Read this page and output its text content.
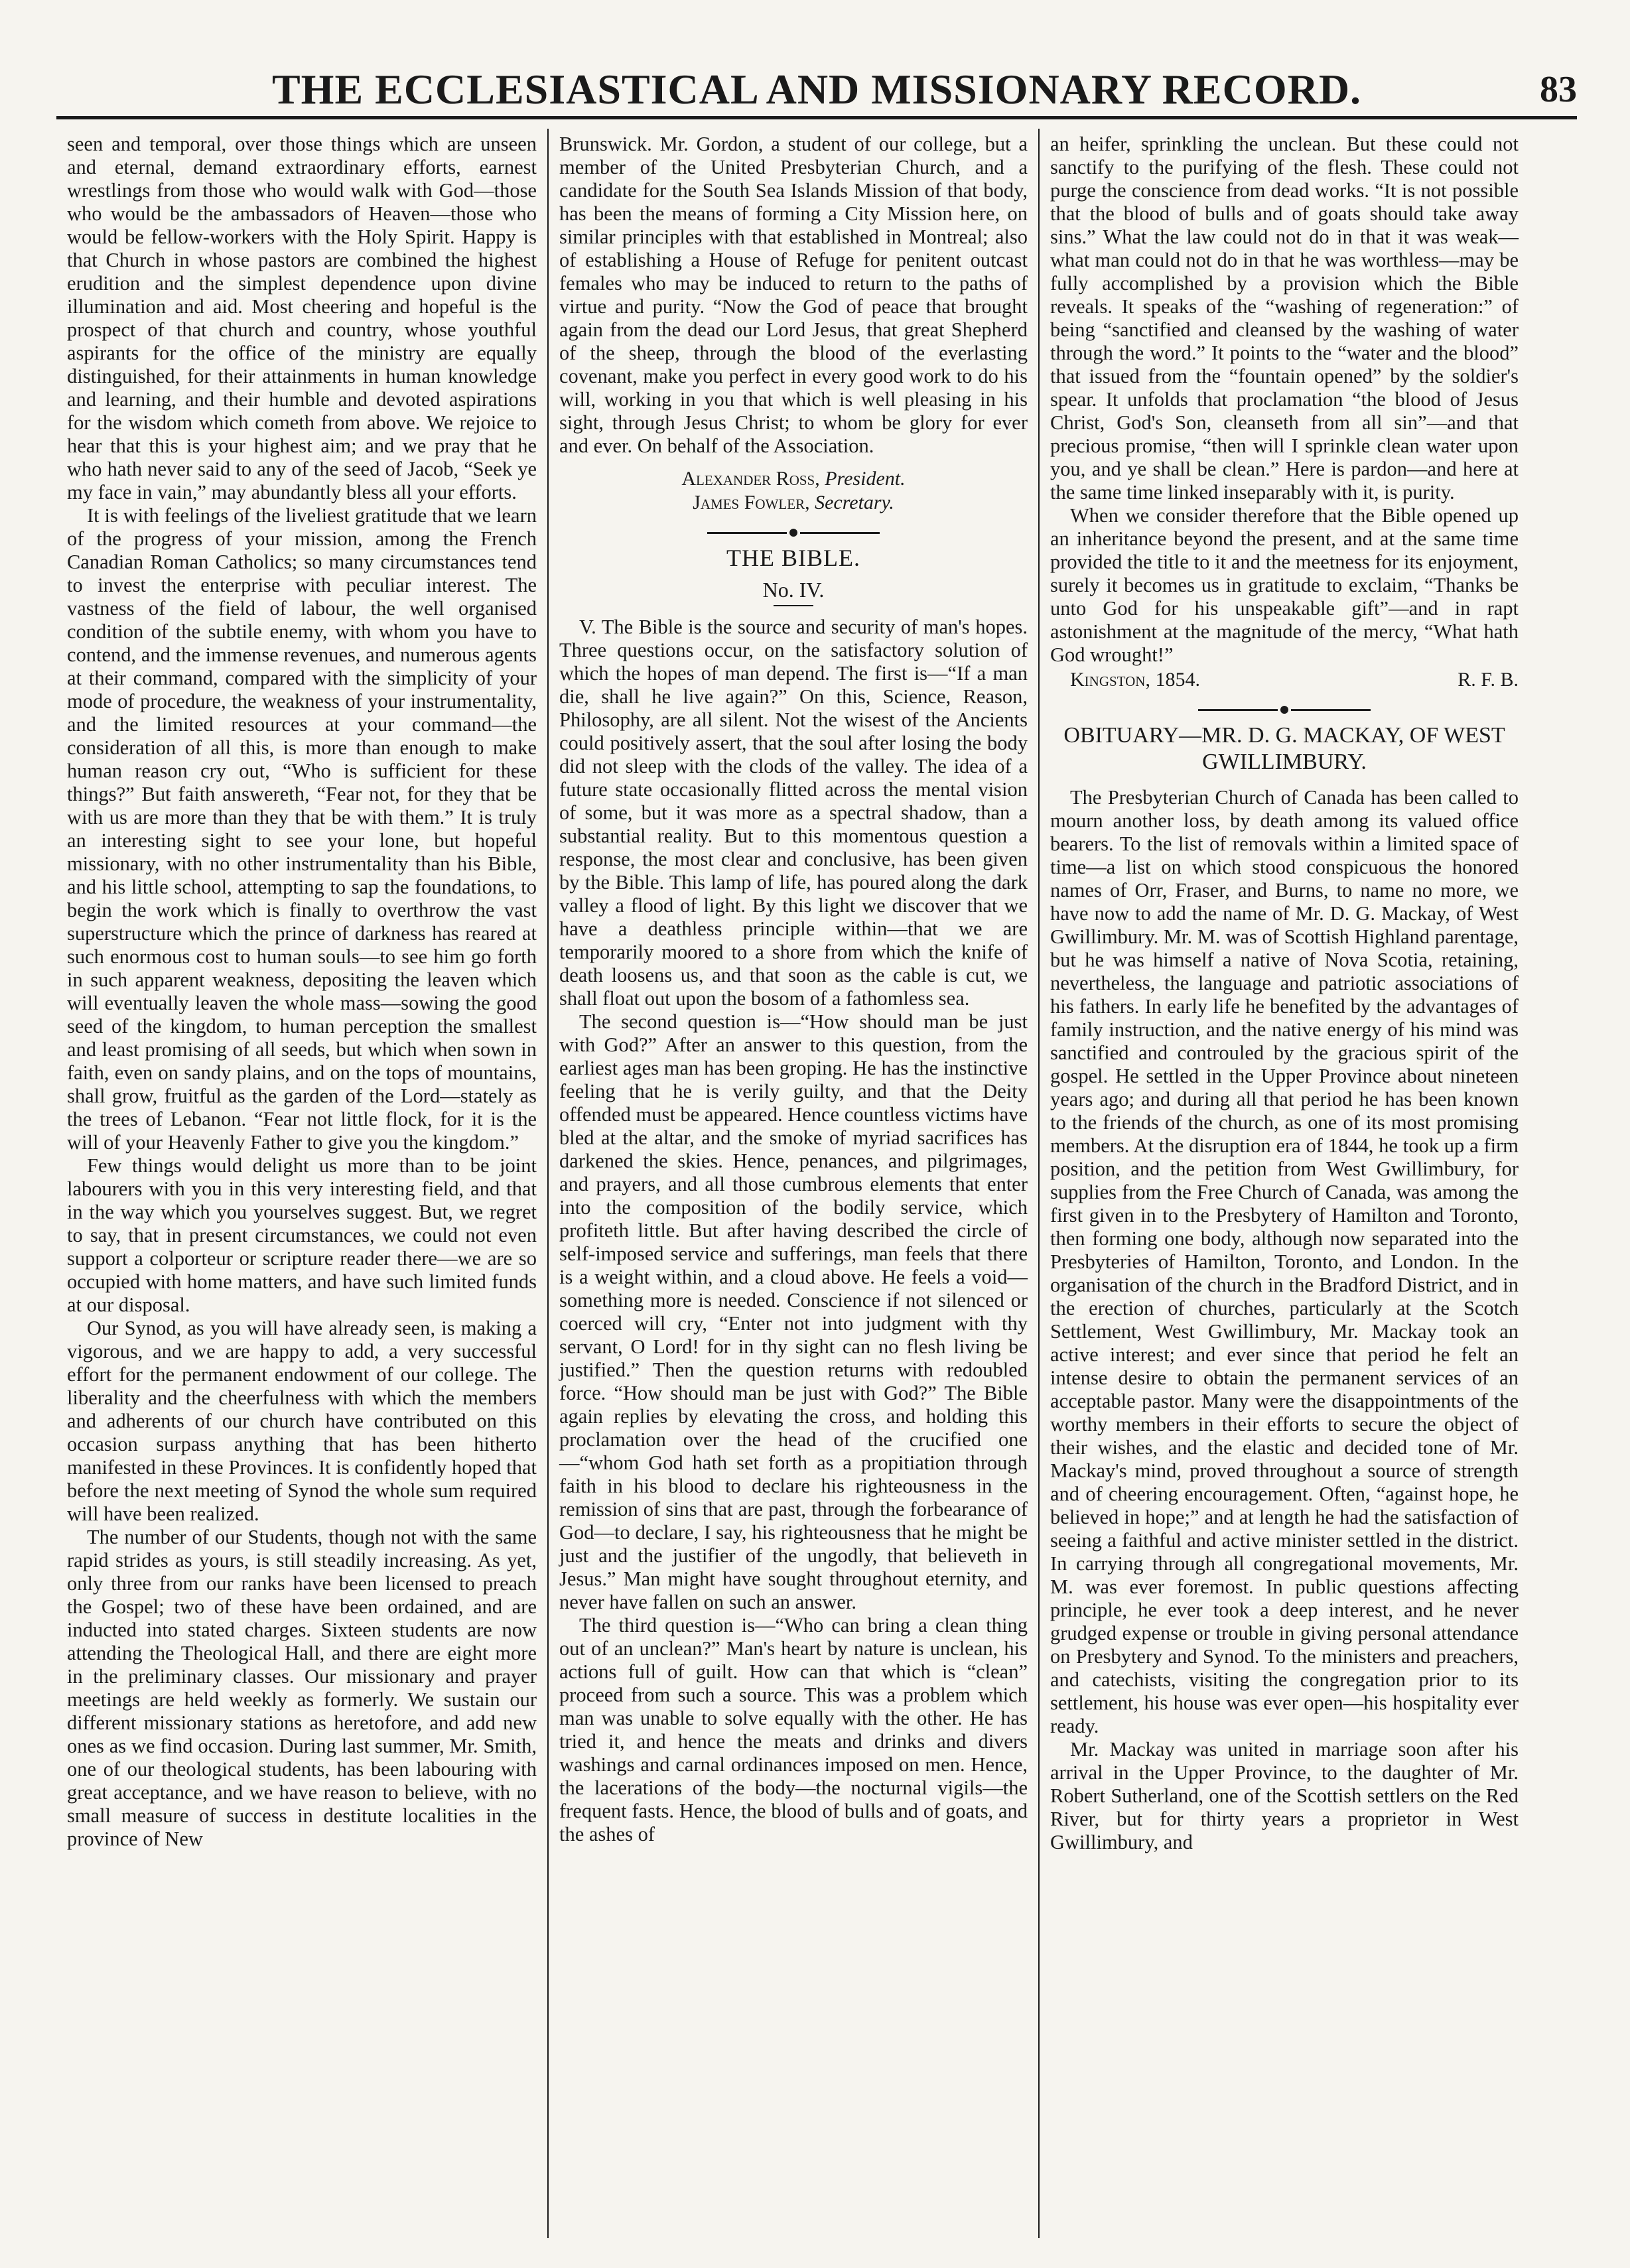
THE ECCLESIASTICAL AND MISSIONARY RECORD.	83

seen and temporal, over those things which are unseen and eternal, demand extraordinary efforts, earnest wrestlings from those who would walk with God—those who would be the ambassadors of Heaven—those who would be fellow-workers with the Holy Spirit. Happy is that Church in whose pastors are combined the highest erudition and the simplest dependence upon divine illumination and aid. Most cheering and hopeful is the prospect of that church and country, whose youthful aspirants for the office of the ministry are equally distinguished, for their attainments in human knowledge and learning, and their humble and devoted aspirations for the wisdom which cometh from above. We rejoice to hear that this is your highest aim; and we pray that he who hath never said to any of the seed of Jacob, “Seek ye my face in vain,” may abundantly bless all your efforts.

It is with feelings of the liveliest gratitude that we learn of the progress of your mission, among the French Canadian Roman Catholics; so many circumstances tend to invest the enterprise with peculiar interest. The vastness of the field of labour, the well organised condition of the subtile enemy, with whom you have to contend, and the immense revenues, and numerous agents at their command, compared with the simplicity of your mode of procedure, the weakness of your instrumentality, and the limited resources at your command—the consideration of all this, is more than enough to make human reason cry out, “Who is sufficient for these things?” But faith answereth, “Fear not, for they that be with us are more than they that be with them.” It is truly an interesting sight to see your lone, but hopeful missionary, with no other instrumentality than his Bible, and his little school, attempting to sap the foundations, to begin the work which is finally to overthrow the vast superstructure which the prince of darkness has reared at such enormous cost to human souls—to see him go forth in such apparent weakness, depositing the leaven which will eventually leaven the whole mass—sowing the good seed of the kingdom, to human perception the smallest and least promising of all seeds, but which when sown in faith, even on sandy plains, and on the tops of mountains, shall grow, fruitful as the garden of the Lord—stately as the trees of Lebanon. “Fear not little flock, for it is the will of your Heavenly Father to give you the kingdom.”

Few things would delight us more than to be joint labourers with you in this very interesting field, and that in the way which you yourselves suggest. But, we regret to say, that in present circumstances, we could not even support a colporteur or scripture reader there—we are so occupied with home matters, and have such limited funds at our disposal.

Our Synod, as you will have already seen, is making a vigorous, and we are happy to add, a very successful effort for the permanent endowment of our college. The liberality and the cheerfulness with which the members and adherents of our church have contributed on this occasion surpass anything that has been hitherto manifested in these Provinces. It is confidently hoped that before the next meeting of Synod the whole sum required will have been realized.

The number of our Students, though not with the same rapid strides as yours, is still steadily increasing. As yet, only three from our ranks have been licensed to preach the Gospel; two of these have been ordained, and are inducted into stated charges. Sixteen students are now attending the Theological Hall, and there are eight more in the preliminary classes. Our missionary and prayer meetings are held weekly as formerly. We sustain our different missionary stations as heretofore, and add new ones as we find occasion. During last summer, Mr. Smith, one of our theological students, has been labouring with great acceptance, and we have reason to believe, with no small measure of success in destitute localities in the province of New

Brunswick. Mr. Gordon, a student of our college, but a member of the United Presbyterian Church, and a candidate for the South Sea Islands Mission of that body, has been the means of forming a City Mission here, on similar principles with that established in Montreal; also of establishing a House of Refuge for penitent outcast females who may be induced to return to the paths of virtue and purity. “Now the God of peace that brought again from the dead our Lord Jesus, that great Shepherd of the sheep, through the blood of the everlasting covenant, make you perfect in every good work to do his will, working in you that which is well pleasing in his sight, through Jesus Christ; to whom be glory for ever and ever. On behalf of the Association.

Alexander Ross, President.
James Fowler, Secretary.
THE BIBLE.
No. IV.

V. The Bible is the source and security of man's hopes. Three questions occur, on the satisfactory solution of which the hopes of man depend. The first is—“If a man die, shall he live again?” On this, Science, Reason, Philosophy, are all silent. Not the wisest of the Ancients could positively assert, that the soul after losing the body did not sleep with the clods of the valley. The idea of a future state occasionally flitted across the mental vision of some, but it was more as a spectral shadow, than a substantial reality. But to this momentous question a response, the most clear and conclusive, has been given by the Bible. This lamp of life, has poured along the dark valley a flood of light. By this light we discover that we have a deathless principle within—that we are temporarily moored to a shore from which the knife of death loosens us, and that soon as the cable is cut, we shall float out upon the bosom of a fathomless sea.

The second question is—“How should man be just with God?” After an answer to this question, from the earliest ages man has been groping. He has the instinctive feeling that he is verily guilty, and that the Deity offended must be appeared. Hence countless victims have bled at the altar, and the smoke of myriad sacrifices has darkened the skies. Hence, penances, and pilgrimages, and prayers, and all those cumbrous elements that enter into the composition of the bodily service, which profiteth little. But after having described the circle of self-imposed service and sufferings, man feels that there is a weight within, and a cloud above. He feels a void—something more is needed. Conscience if not silenced or coerced will cry, “Enter not into judgment with thy servant, O Lord! for in thy sight can no flesh living be justified.” Then the question returns with redoubled force. “How should man be just with God?” The Bible again replies by elevating the cross, and holding this proclamation over the head of the crucified one —“whom God hath set forth as a propitiation through faith in his blood to declare his righteousness in the remission of sins that are past, through the forbearance of God—to declare, I say, his righteousness that he might be just and the justifier of the ungodly, that believeth in Jesus.” Man might have sought throughout eternity, and never have fallen on such an answer.

The third question is—“Who can bring a clean thing out of an unclean?” Man's heart by nature is unclean, his actions full of guilt. How can that which is “clean” proceed from such a source. This was a problem which man was unable to solve equally with the other. He has tried it, and hence the meats and drinks and divers washings and carnal ordinances imposed on men. Hence, the lacerations of the body—the nocturnal vigils—the frequent fasts. Hence, the blood of bulls and of goats, and the ashes of

an heifer, sprinkling the unclean. But these could not sanctify to the purifying of the flesh. These could not purge the conscience from dead works. “It is not possible that the blood of bulls and of goats should take away sins.” What the law could not do in that it was weak—what man could not do in that he was worthless—may be fully accomplished by a provision which the Bible reveals. It speaks of the “washing of regeneration:” of being “sanctified and cleansed by the washing of water through the word.” It points to the “water and the blood” that issued from the “fountain opened” by the soldier's spear. It unfolds that proclamation “the blood of Jesus Christ, God's Son, cleanseth from all sin”—and that precious promise, “then will I sprinkle clean water upon you, and ye shall be clean.” Here is pardon—and here at the same time linked inseparably with it, is purity.

When we consider therefore that the Bible opened up an inheritance beyond the present, and at the same time provided the title to it and the meetness for its enjoyment, surely it becomes us in gratitude to exclaim, “Thanks be unto God for his unspeakable gift”—and in rapt astonishment at the magnitude of the mercy, “What hath God wrought!”

Kingston, 1854.	R. F. B.
OBITUARY—MR. D. G. MACKAY, OF WEST GWILLIMBURY.

The Presbyterian Church of Canada has been called to mourn another loss, by death among its valued office bearers. To the list of removals within a limited space of time—a list on which stood conspicuous the honored names of Orr, Fraser, and Burns, to name no more, we have now to add the name of Mr. D. G. Mackay, of West Gwillimbury. Mr. M. was of Scottish Highland parentage, but he was himself a native of Nova Scotia, retaining, nevertheless, the language and patriotic associations of his fathers. In early life he benefited by the advantages of family instruction, and the native energy of his mind was sanctified and controuled by the gracious spirit of the gospel. He settled in the Upper Province about nineteen years ago; and during all that period he has been known to the friends of the church, as one of its most promising members. At the disruption era of 1844, he took up a firm position, and the petition from West Gwillimbury, for supplies from the Free Church of Canada, was among the first given in to the Presbytery of Hamilton and Toronto, then forming one body, although now separated into the Presbyteries of Hamilton, Toronto, and London. In the organisation of the church in the Bradford District, and in the erection of churches, particularly at the Scotch Settlement, West Gwillimbury, Mr. Mackay took an active interest; and ever since that period he felt an intense desire to obtain the permanent services of an acceptable pastor. Many were the disappointments of the worthy members in their efforts to secure the object of their wishes, and the elastic and decided tone of Mr. Mackay's mind, proved throughout a source of strength and of cheering encouragement. Often, “against hope, he believed in hope;” and at length he had the satisfaction of seeing a faithful and active minister settled in the district. In carrying through all congregational movements, Mr. M. was ever foremost. In public questions affecting principle, he ever took a deep interest, and he never grudged expense or trouble in giving personal attendance on Presbytery and Synod. To the ministers and preachers, and catechists, visiting the congregation prior to its settlement, his house was ever open—his hospitality ever ready.

Mr. Mackay was united in marriage soon after his arrival in the Upper Province, to the daughter of Mr. Robert Sutherland, one of the Scottish settlers on the Red River, but for thirty years a proprietor in West Gwillimbury, and
